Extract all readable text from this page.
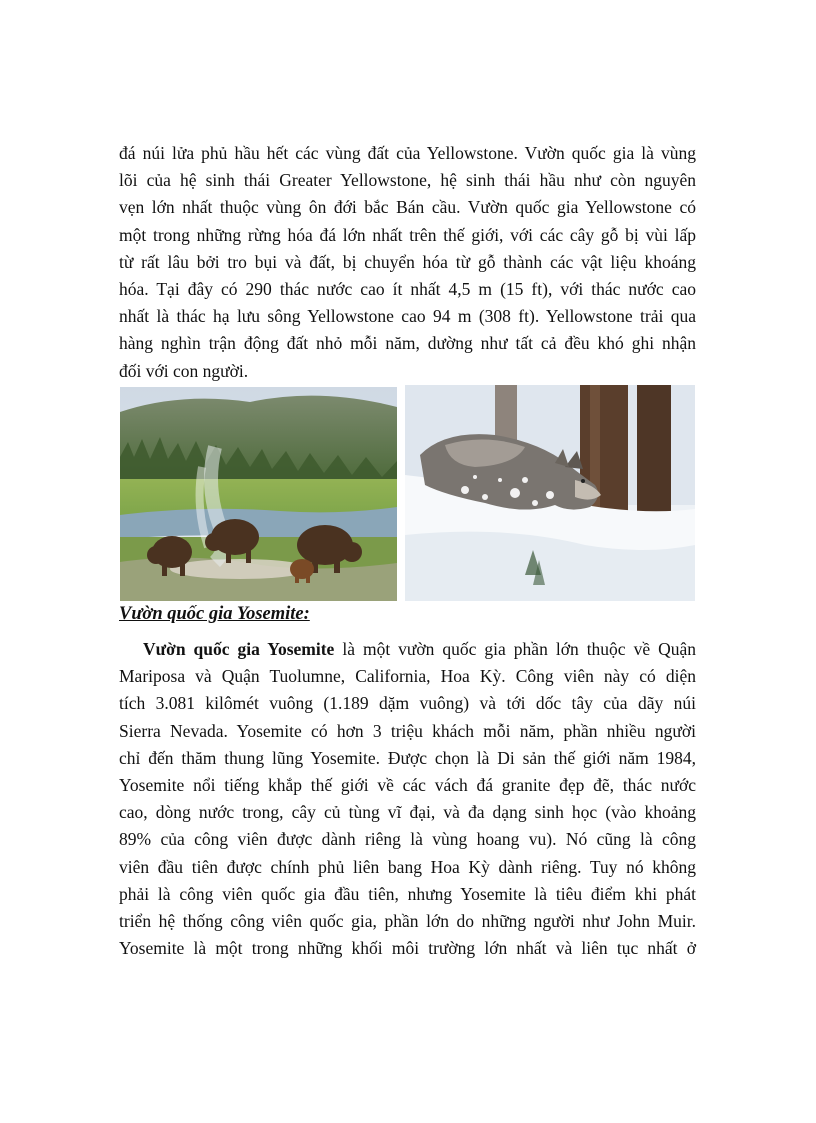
đá núi lửa phủ hầu hết các vùng đất của Yellowstone. Vườn quốc gia là vùng
lõi của hệ sinh thái Greater Yellowstone, hệ sinh thái hầu như còn nguyên
vẹn lớn nhất thuộc vùng ôn đới bắc Bán cầu. Vườn quốc gia Yellowstone có
một trong những rừng hóa đá lớn nhất trên thế giới, với các cây gỗ bị vùi lấp
từ rất lâu bởi tro bụi và đất, bị chuyển hóa từ gỗ thành các vật liệu khoáng
hóa. Tại đây có 290 thác nước cao ít nhất 4,5 m (15 ft), với thác nước cao
nhất là thác hạ lưu sông Yellowstone cao 94 m (308 ft). Yellowstone trải qua
hàng nghìn trận động đất nhỏ mỗi năm, dường như tất cả đều khó ghi nhận
đối với con người.
Vườn quốc gia Yosemite:
Vườn quốc gia Yosemite là một vườn quốc gia phần lớn thuộc về Quận
Mariposa và Quận Tuolumne, California, Hoa Kỳ. Công viên này có diện
tích 3.081 kilômét vuông (1.189 dặm vuông) và tới dốc tây của dãy núi
Sierra Nevada. Yosemite có hơn 3 triệu khách mỗi năm, phần nhiều người
chỉ đến thăm thung lũng Yosemite. Được chọn là Di sản thế giới năm 1984,
Yosemite nổi tiếng khắp thế giới về các vách đá granite đẹp đẽ, thác nước
cao, dòng nước trong, cây củ tùng vĩ đại, và đa dạng sinh học (vào khoảng
89% của công viên được dành riêng là vùng hoang vu). Nó cũng là công
viên đầu tiên được chính phủ liên bang Hoa Kỳ dành riêng. Tuy nó không
phải là công viên quốc gia đầu tiên, nhưng Yosemite là tiêu điểm khi phát
triển hệ thống công viên quốc gia, phần lớn do những người như John Muir.
Yosemite là một trong những khối môi trường lớn nhất và liên tục nhất ở
